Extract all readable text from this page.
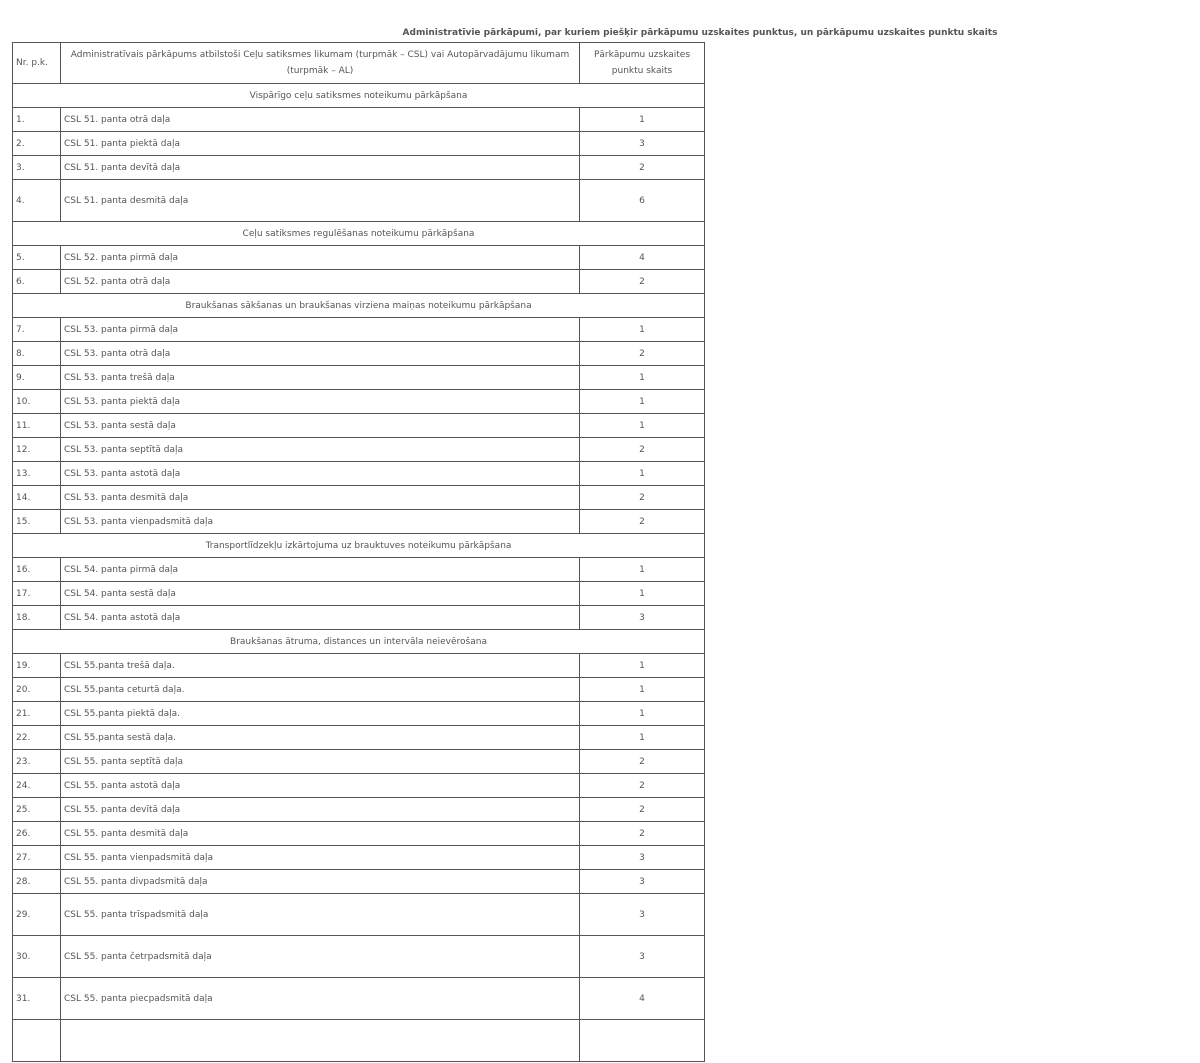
Administratīvie pārkāpumi, par kuriem piešķir pārkāpumu uzskaites punktus, un pārkāpumu uzskaites punktu skaits
Nr. p.k.	Administratīvais pārkāpums atbilstoši Ceļu satiksmes likumam (turpmāk – CSL) vai Autopārvadājumu likumam (turpmāk – AL)	Pārkāpumu uzskaites punktu skaits
Vispārīgo ceļu satiksmes noteikumu pārkāpšana		
1.	CSL 51. panta otrā daļa	1
2.	CSL 51. panta piektā daļa	3
3.	CSL 51. panta devītā daļa	2
4.	CSL 51. panta desmitā daļa	6
Ceļu satiksmes regulēšanas noteikumu pārkāpšana		
5.	CSL 52. panta pirmā daļa	4
6.	CSL 52. panta otrā daļa	2
Braukšanas sākšanas un braukšanas virziena maiņas noteikumu pārkāpšana		
7.	CSL 53. panta pirmā daļa	1
8.	CSL 53. panta otrā daļa	2
9.	CSL 53. panta trešā daļa	1
10.	CSL 53. panta piektā daļa	1
11.	CSL 53. panta sestā daļa	1
12.	CSL 53. panta septītā daļa	2
13.	CSL 53. panta astotā daļa	1
14.	CSL 53. panta desmitā daļa	2
15.	CSL 53. panta vienpadsmitā daļa	2
Transportlīdzekļu izkārtojuma uz brauktuves noteikumu pārkāpšana		
16.	CSL 54. panta pirmā daļa	1
17.	CSL 54. panta sestā daļa	1
18.	CSL 54. panta astotā daļa	3
Braukšanas ātruma, distances un intervāla neievērošana		
19.	CSL 55.panta trešā daļa.	1
20.	CSL 55.panta ceturtā daļa.	1
21.	CSL 55.panta piektā daļa.	1
22.	CSL 55.panta sestā daļa.	1
23.	CSL 55. panta septītā daļa	2
24.	CSL 55. panta astotā daļa	2
25.	CSL 55. panta devītā daļa	2
26.	CSL 55. panta desmitā daļa	2
27.	CSL 55. panta vienpadsmitā daļa	3
28.	CSL 55. panta divpadsmitā daļa	3
29.	CSL 55. panta trīspadsmitā daļa	3
30.	CSL 55. panta četrpadsmitā daļa	3
31.	CSL 55. panta piecpadsmitā daļa	4
